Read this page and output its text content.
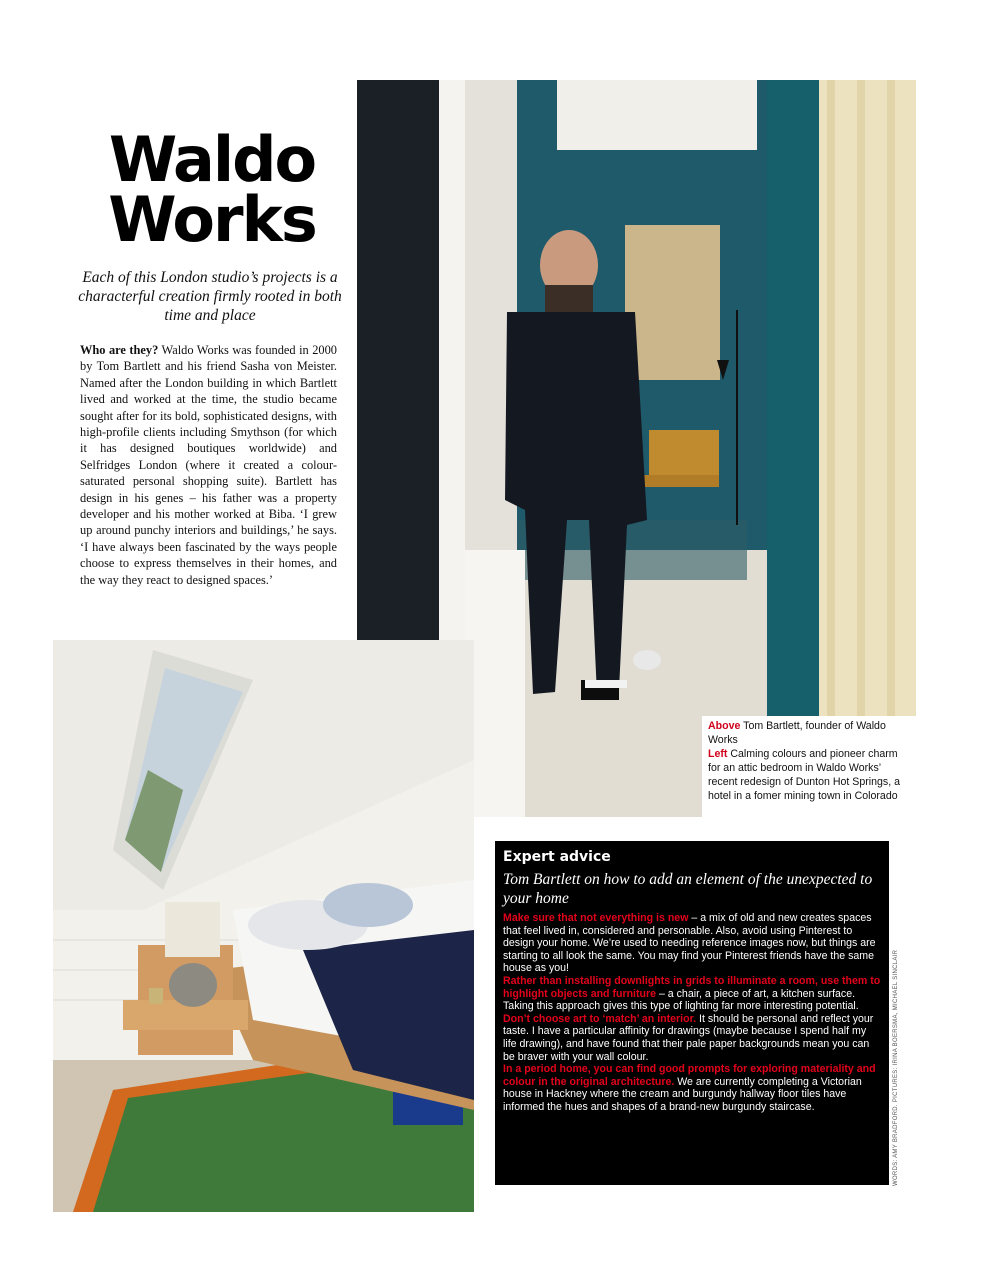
Waldo
Works

Each of this London studio’s projects is a characterful creation firmly rooted in both time and place

Who are they? Waldo Works was founded in 2000 by Tom Bartlett and his friend Sasha von Meister. Named after the London building in which Bartlett lived and worked at the time, the studio became sought after for its bold, sophisticated designs, with high-profile clients including Smythson (for which it has designed boutiques worldwide) and Selfridges London (where it created a colour-saturated personal shopping suite). Bartlett has design in his genes – his father was a property developer and his mother worked at Biba. ‘I grew up around punchy interiors and buildings,’ he says. ‘I have always been fascinated by the ways people choose to express themselves in their homes, and the way they react to designed spaces.’

Above Tom Bartlett, founder of Waldo Works
Left Calming colours and pioneer charm for an attic bedroom in Waldo Works’ recent redesign of Dunton Hot Springs, a hotel in a fomer mining town in Colorado
Expert advice
Tom Bartlett on how to add an element of the unexpected to your home

Make sure that not everything is new – a mix of old and new creates spaces that feel lived in, considered and personable. Also, avoid using Pinterest to design your home. We’re used to needing reference images now, but things are starting to all look the same. You may find your Pinterest friends have the same house as you!

Rather than installing downlights in grids to illuminate a room, use them to highlight objects and furniture – a chair, a piece of art, a kitchen surface. Taking this approach gives this type of lighting far more interesting potential.

Don’t choose art to ‘match’ an interior. It should be personal and reflect your taste. I have a particular affinity for drawings (maybe because I spend half my life drawing), and have found that their pale paper backgrounds mean you can be braver with your wall colour.

In a period home, you can find good prompts for exploring materiality and colour in the original architecture. We are currently completing a Victorian house in Hackney where the cream and burgundy hallway floor tiles have informed the hues and shapes of a brand-new burgundy staircase.	WORDS: AMY BRADFORD. PICTURES: IRINA BOERSMA, MICHAEL SINCLAIR
